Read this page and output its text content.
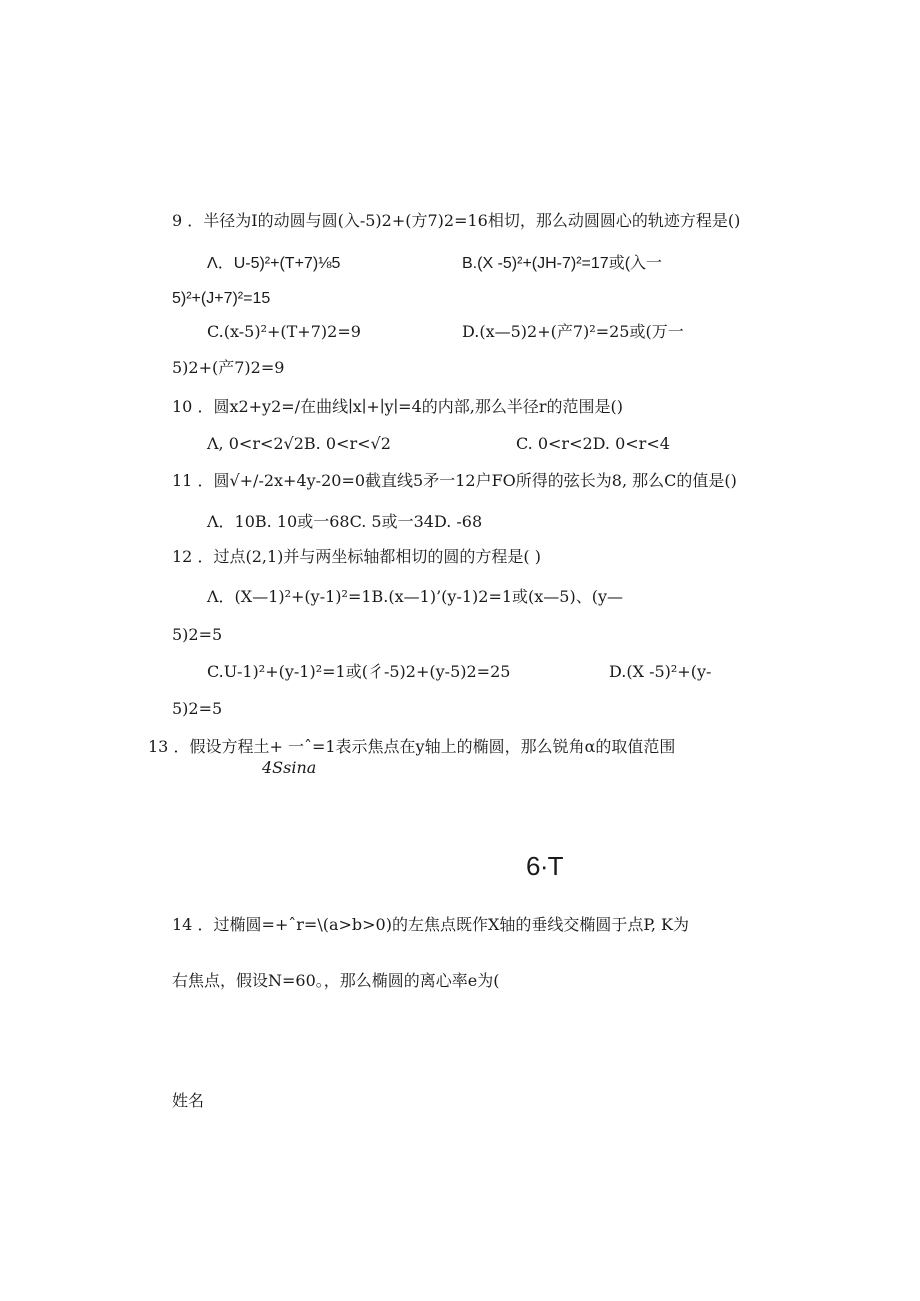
9 ．半径为I的动圆与圆(入-5)2+(方7)2=16相切，那么动圆圆心的轨迹方程是()
Λ．U-5)²+(T+7)⅛5	B.(X -5)²+(JH-7)²=17或(入一
5)²+(J+7)²=15
C.(x-5)²+(T+7)2=9	D.(x—5)2+(产7)²=25或(万一
5)2+(产7)2=9
10 ．圆x2+y2=/在曲线∣x∣+∣y∣=4的内部,那么半径r的范围是()
Λ, 0<r<2√2B. 0<r<√2	C. 0<r<2D. 0<r<4
11 ．圆√+/-2x+4y-20=0截直线5矛一12户FO所得的弦长为8, 那么C的值是()
Λ．10B. 10或一68C. 5或一34D. -68
12 ．过点(2,1)并与两坐标轴都相切的圆的方程是( )
Λ．(X—1)²+(y-1)²=1B.(x—1)’(y-1)2=1或(x—5)、(y—
5)2=5
C.U-1)²+(y-1)²=1或(彳-5)2+(y-5)2=25	D.(X -5)²+(y-
5)2=5
13 ．假设方程土+ 一ˆ=1表示焦点在y轴上的椭圆，那么锐角α的取值范围
4Ssina
6∙T
14 ．过椭圆=+ˆr=\(a>b>0)的左焦点既作X轴的垂线交椭圆于点P, K为
右焦点，假设N=60。，那么椭圆的离心率e为(
姓名
